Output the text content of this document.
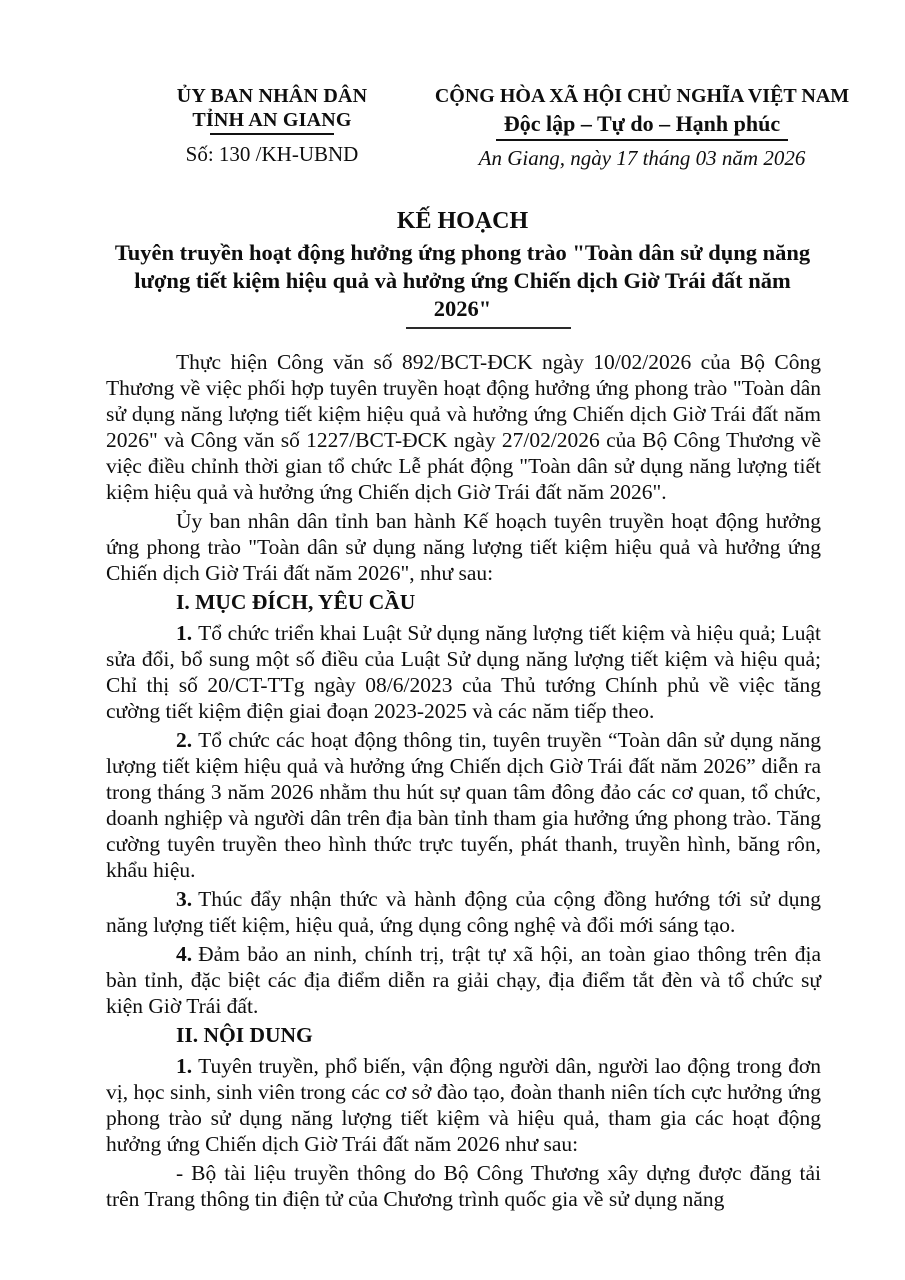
ỦY BAN NHÂN DÂN
TỈNH AN GIANG
Số: 130 /KH-UBND
CỘNG HÒA XÃ HỘI CHỦ NGHĨA VIỆT NAM
Độc lập – Tự do – Hạnh phúc
An Giang, ngày 17 tháng 03 năm 2026
KẾ HOẠCH
Tuyên truyền hoạt động hưởng ứng phong trào "Toàn dân sử dụng năng lượng tiết kiệm hiệu quả và hưởng ứng Chiến dịch Giờ Trái đất năm 2026"

Thực hiện Công văn số 892/BCT-ĐCK ngày 10/02/2026 của Bộ Công Thương về việc phối hợp tuyên truyền hoạt động hưởng ứng phong trào "Toàn dân sử dụng năng lượng tiết kiệm hiệu quả và hưởng ứng Chiến dịch Giờ Trái đất năm 2026" và Công văn số 1227/BCT-ĐCK ngày 27/02/2026 của Bộ Công Thương về việc điều chỉnh thời gian tổ chức Lễ phát động "Toàn dân sử dụng năng lượng tiết kiệm hiệu quả và hưởng ứng Chiến dịch Giờ Trái đất năm 2026".

Ủy ban nhân dân tỉnh ban hành Kế hoạch tuyên truyền hoạt động hưởng ứng phong trào "Toàn dân sử dụng năng lượng tiết kiệm hiệu quả và hưởng ứng Chiến dịch Giờ Trái đất năm 2026", như sau:

I. MỤC ĐÍCH, YÊU CẦU

1. Tổ chức triển khai Luật Sử dụng năng lượng tiết kiệm và hiệu quả; Luật sửa đổi, bổ sung một số điều của Luật Sử dụng năng lượng tiết kiệm và hiệu quả; Chỉ thị số 20/CT-TTg ngày 08/6/2023 của Thủ tướng Chính phủ về việc tăng cường tiết kiệm điện giai đoạn 2023-2025 và các năm tiếp theo.

2. Tổ chức các hoạt động thông tin, tuyên truyền “Toàn dân sử dụng năng lượng tiết kiệm hiệu quả và hưởng ứng Chiến dịch Giờ Trái đất năm 2026” diễn ra trong tháng 3 năm 2026 nhằm thu hút sự quan tâm đông đảo các cơ quan, tổ chức, doanh nghiệp và người dân trên địa bàn tỉnh tham gia hưởng ứng phong trào. Tăng cường tuyên truyền theo hình thức trực tuyến, phát thanh, truyền hình, băng rôn, khẩu hiệu.

3. Thúc đẩy nhận thức và hành động của cộng đồng hướng tới sử dụng năng lượng tiết kiệm, hiệu quả, ứng dụng công nghệ và đổi mới sáng tạo.

4. Đảm bảo an ninh, chính trị, trật tự xã hội, an toàn giao thông trên địa bàn tỉnh, đặc biệt các địa điểm diễn ra giải chạy, địa điểm tắt đèn và tổ chức sự kiện Giờ Trái đất.

II. NỘI DUNG

1. Tuyên truyền, phổ biến, vận động người dân, người lao động trong đơn vị, học sinh, sinh viên trong các cơ sở đào tạo, đoàn thanh niên tích cực hưởng ứng phong trào sử dụng năng lượng tiết kiệm và hiệu quả, tham gia các hoạt động hưởng ứng Chiến dịch Giờ Trái đất năm 2026 như sau:

- Bộ tài liệu truyền thông do Bộ Công Thương xây dựng được đăng tải trên Trang thông tin điện tử của Chương trình quốc gia về sử dụng năng
